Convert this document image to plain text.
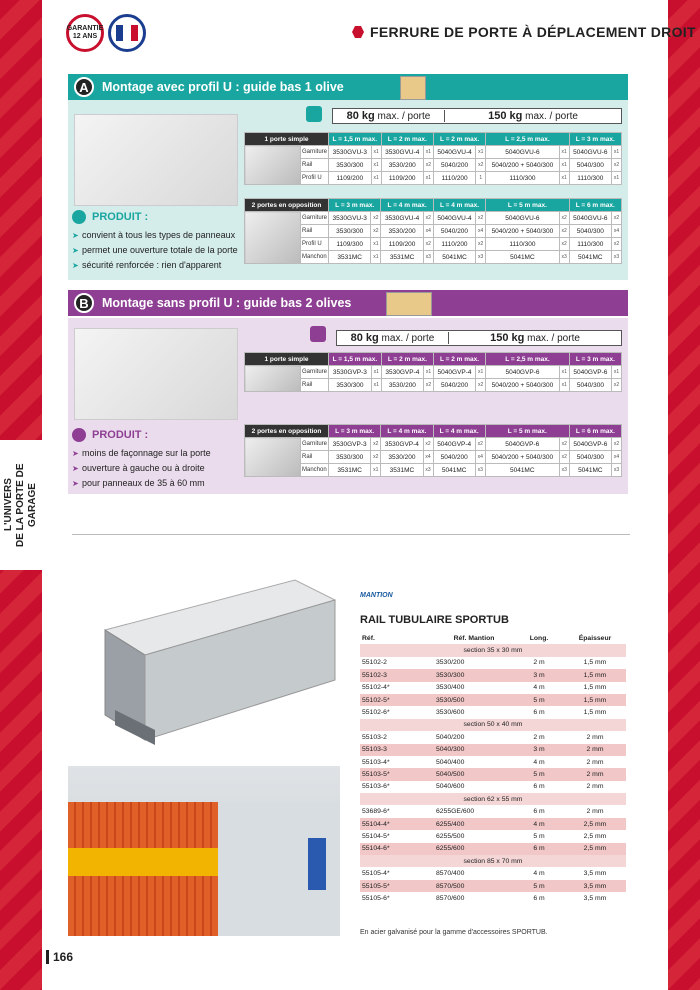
L'UNIVERS
DE LA PORTE DE GARAGE
GARANTIE 12 ANS	FERRURE DE PORTE À DÉPLACEMENT DROIT
A	Montage avec profil U : guide bas 1 olive
80 kg max. / porte	150 kg max. / porte
1 porte simple		L = 1,5 m max.		L = 2 m max.		L = 2 m max.		L = 2,5 m max.		L = 3 m max.	
	Garniture	3530GVU-3	x1	3530GVU-4	x1	5040GVU-4	x1	5040GVU-6	x1	5040GVU-6	x1
	Rail	3530/300	x1	3530/200	x2	5040/200	x2	5040/200 + 5040/300	x1	5040/300	x2
	Profil U	1109/200	x1	1109/200	x1	1110/200	1	1110/300	x1	1110/300	x1
2 portes en opposition		L = 3 m max.		L = 4 m max.		L = 4 m max.		L = 5 m max.		L = 6 m max.	
	Garniture	3530GVU-3	x2	3530GVU-4	x2	5040GVU-4	x2	5040GVU-6	x2	5040GVU-6	x2
	Rail	3530/300	x2	3530/200	x4	5040/200	x4	5040/200 + 5040/300	x2	5040/300	x4
	Profil U	1109/300	x1	1109/200	x2	1110/200	x2	1110/300	x2	1110/300	x2
	Manchon	3531MC	x1	3531MC	x3	5041MC	x3	5041MC	x3	5041MC	x3
PRODUIT :
➤ convient à tous les types de panneaux
➤ permet une ouverture totale de la porte
➤ sécurité renforcée : rien d'apparent
B	Montage sans profil U : guide bas 2 olives
80 kg max. / porte	150 kg max. / porte
1 porte simple		L = 1,5 m max.		L = 2 m max.		L = 2 m max.		L = 2,5 m max.		L = 3 m max.	
	Garniture	3530GVP-3	x1	3530GVP-4	x1	5040GVP-4	x1	5040GVP-6	x1	5040GVP-6	x1
	Rail	3530/300	x1	3530/200	x2	5040/200	x2	5040/200 + 5040/300	x1	5040/300	x2
2 portes en opposition		L = 3 m max.		L = 4 m max.		L = 4 m max.		L = 5 m max.		L = 6 m max.	
	Garniture	3530GVP-3	x2	3530GVP-4	x2	5040GVP-4	x2	5040GVP-6	x2	5040GVP-6	x2
	Rail	3530/300	x2	3530/200	x4	5040/200	x4	5040/200 + 5040/300	x2	5040/300	x4
	Manchon	3531MC	x1	3531MC	x3	5041MC	x3	5041MC	x3	5041MC	x3
PRODUIT :
➤ moins de façonnage sur la porte
➤ ouverture à gauche ou à droite
➤ pour panneaux de 35 à 60 mm
MANTION
RAIL TUBULAIRE SPORTUB
Réf.	Réf. Mantion	Long.	Épaisseur
section 35 x 30 mm			
55102-2	3530/200	2 m	1,5 mm
55102-3	3530/300	3 m	1,5 mm
55102-4*	3530/400	4 m	1,5 mm
55102-5*	3530/500	5 m	1,5 mm
55102-6*	3530/600	6 m	1,5 mm
section 50 x 40 mm			
55103-2	5040/200	2 m	2 mm
55103-3	5040/300	3 m	2 mm
55103-4*	5040/400	4 m	2 mm
55103-5*	5040/500	5 m	2 mm
55103-6*	5040/600	6 m	2 mm
section 62 x 55 mm			
53689-6*	6255GE/600	6 m	2 mm
55104-4*	6255/400	4 m	2,5 mm
55104-5*	6255/500	5 m	2,5 mm
55104-6*	6255/600	6 m	2,5 mm
section 85 x 70 mm			
55105-4*	8570/400	4 m	3,5 mm
55105-5*	8570/500	5 m	3,5 mm
55105-6*	8570/600	6 m	3,5 mm
En acier galvanisé pour la gamme d'accessoires SPORTUB.
166
